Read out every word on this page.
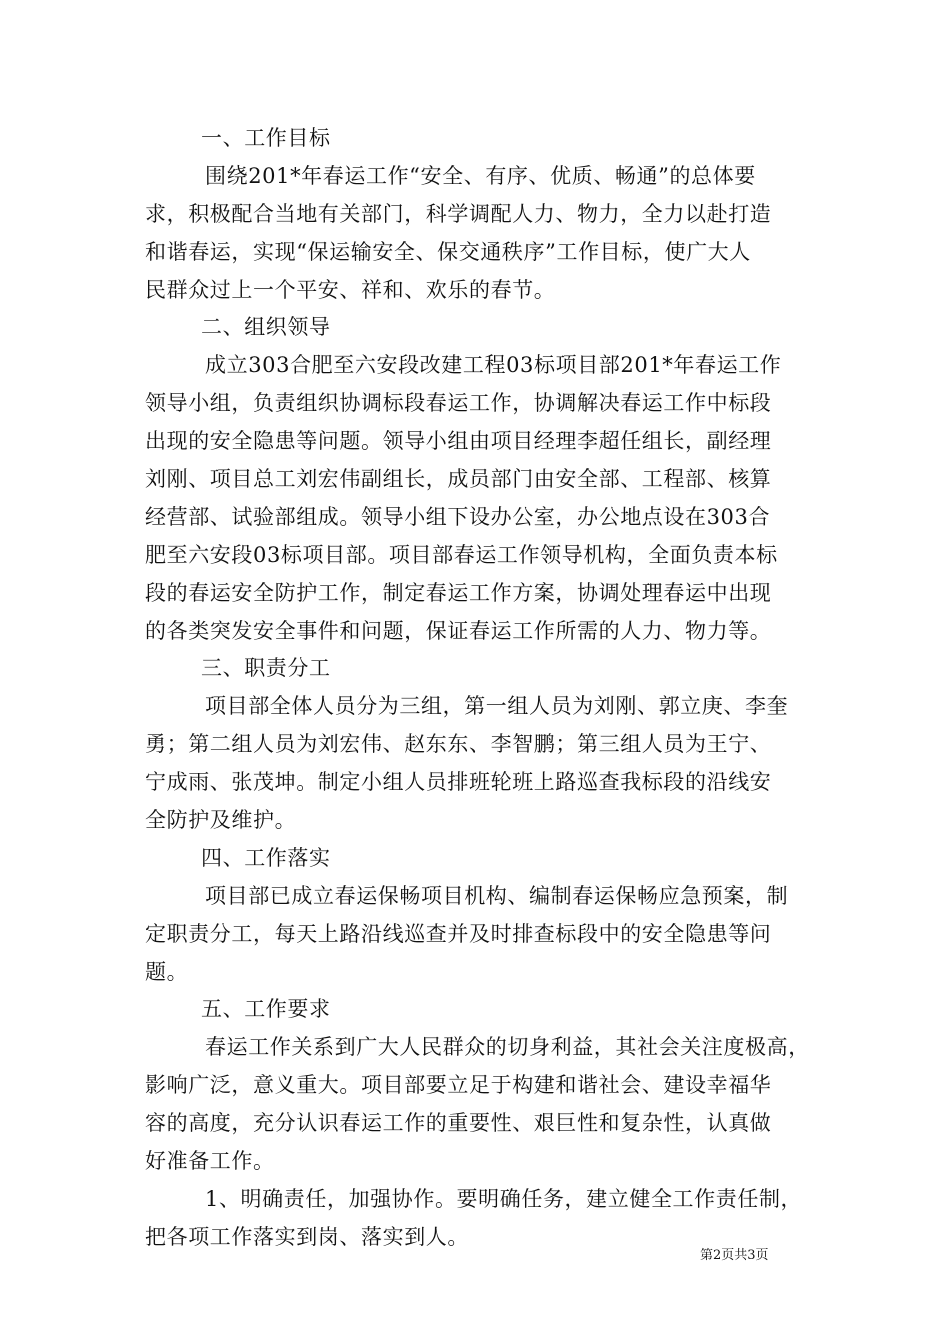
一、工作目标
围绕201*年春运工作“安全、有序、优质、畅通”的总体要
求，积极配合当地有关部门，科学调配人力、物力，全力以赴打造
和谐春运，实现“保运输安全、保交通秩序”工作目标，使广大人
民群众过上一个平安、祥和、欢乐的春节。
二、组织领导
成立303合肥至六安段改建工程03标项目部201*年春运工作
领导小组，负责组织协调标段春运工作，协调解决春运工作中标段
出现的安全隐患等问题。领导小组由项目经理李超任组长，副经理
刘刚、项目总工刘宏伟副组长，成员部门由安全部、工程部、核算
经营部、试验部组成。领导小组下设办公室，办公地点设在303合
肥至六安段03标项目部。项目部春运工作领导机构，全面负责本标
段的春运安全防护工作，制定春运工作方案，协调处理春运中出现
的各类突发安全事件和问题，保证春运工作所需的人力、物力等。
三、职责分工
项目部全体人员分为三组，第一组人员为刘刚、郭立庚、李奎
勇；第二组人员为刘宏伟、赵东东、李智鹏；第三组人员为王宁、
宁成雨、张茂坤。制定小组人员排班轮班上路巡查我标段的沿线安
全防护及维护。
四、工作落实
项目部已成立春运保畅项目机构、编制春运保畅应急预案，制
定职责分工，每天上路沿线巡查并及时排查标段中的安全隐患等问
题。
五、工作要求
春运工作关系到广大人民群众的切身利益，其社会关注度极高，
影响广泛，意义重大。项目部要立足于构建和谐社会、建设幸福华
容的高度，充分认识春运工作的重要性、艰巨性和复杂性，认真做
好准备工作。
1、明确责任，加强协作。要明确任务，建立健全工作责任制，
把各项工作落实到岗、落实到人。
第2页共3页
